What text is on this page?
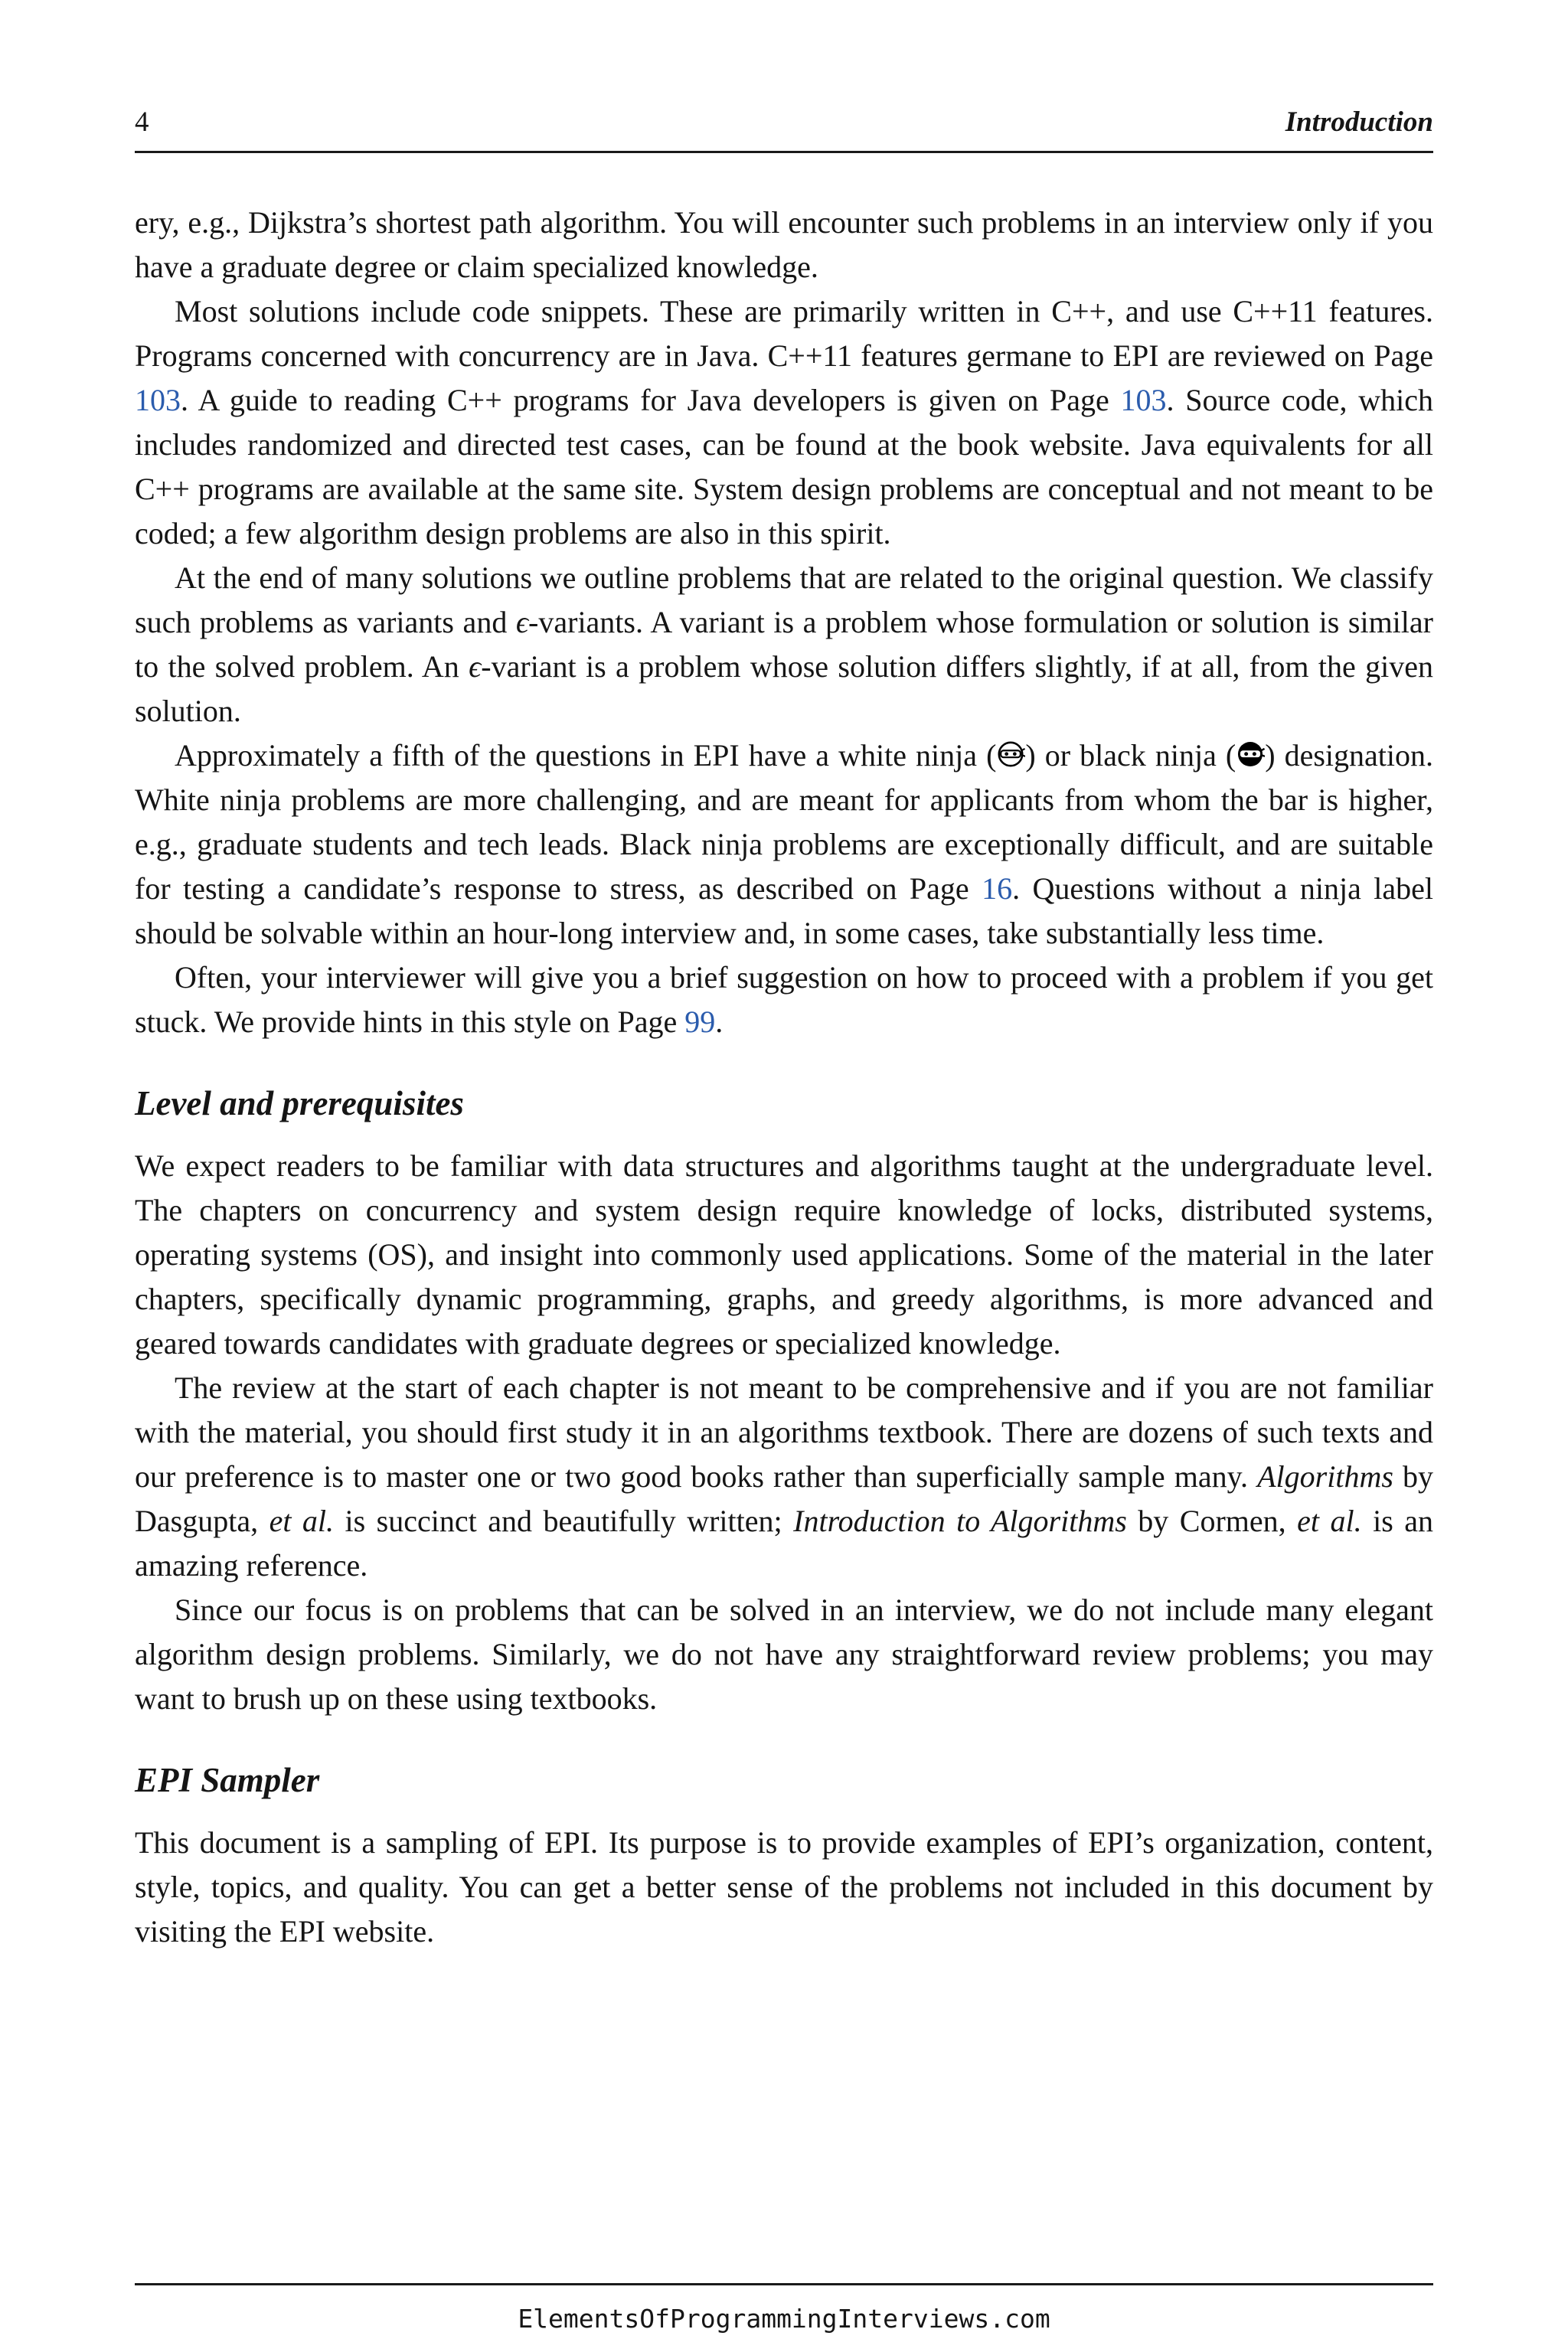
4	Introduction

ery, e.g., Dijkstra’s shortest path algorithm. You will encounter such problems in an interview only if you have a graduate degree or claim specialized knowledge.

Most solutions include code snippets. These are primarily written in C++, and use C++11 features. Programs concerned with concurrency are in Java. C++11 features germane to EPI are reviewed on Page 103. A guide to reading C++ programs for Java developers is given on Page 103. Source code, which includes randomized and directed test cases, can be found at the book website. Java equivalents for all C++ programs are available at the same site. System design problems are conceptual and not meant to be coded; a few algorithm design problems are also in this spirit.

At the end of many solutions we outline problems that are related to the original question. We classify such problems as variants and ϵ-variants. A variant is a problem whose formulation or solution is similar to the solved problem. An ϵ-variant is a problem whose solution differs slightly, if at all, from the given solution.

Approximately a fifth of the questions in EPI have a white ninja ( ) or black ninja ( ) designation. White ninja problems are more challenging, and are meant for applicants from whom the bar is higher, e.g., graduate students and tech leads. Black ninja problems are exceptionally difficult, and are suitable for testing a candidate’s response to stress, as described on Page 16. Questions without a ninja label should be solvable within an hour-long interview and, in some cases, take substantially less time.

Often, your interviewer will give you a brief suggestion on how to proceed with a problem if you get stuck. We provide hints in this style on Page 99.

Level and prerequisites

We expect readers to be familiar with data structures and algorithms taught at the undergraduate level. The chapters on concurrency and system design require knowledge of locks, distributed systems, operating systems (OS), and insight into commonly used applications. Some of the material in the later chapters, specifically dynamic programming, graphs, and greedy algorithms, is more advanced and geared towards candidates with graduate degrees or specialized knowledge.

The review at the start of each chapter is not meant to be comprehensive and if you are not familiar with the material, you should first study it in an algorithms textbook. There are dozens of such texts and our preference is to master one or two good books rather than superficially sample many. Algorithms by Dasgupta, et al. is succinct and beautifully written; Introduction to Algorithms by Cormen, et al. is an amazing reference.

Since our focus is on problems that can be solved in an interview, we do not include many elegant algorithm design problems. Similarly, we do not have any straightforward review problems; you may want to brush up on these using textbooks.

EPI Sampler

This document is a sampling of EPI. Its purpose is to provide examples of EPI’s organization, content, style, topics, and quality. You can get a better sense of the problems not included in this document by visiting the EPI website.

ElementsOfProgrammingInterviews.com
